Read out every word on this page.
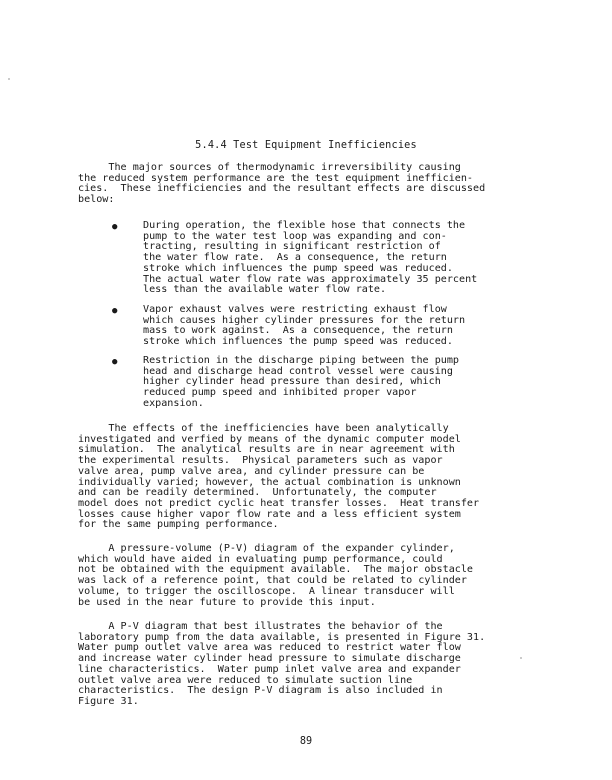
5.4.4 Test Equipment Inefficiencies
The major sources of thermodynamic irreversibility causing
the reduced system performance are the test equipment inefficien-
cies.  These inefficiencies and the resultant effects are discussed
below:
●	During operation, the flexible hose that connects the
pump to the water test loop was expanding and con-
tracting, resulting in significant restriction of
the water flow rate.  As a consequence, the return
stroke which influences the pump speed was reduced.
The actual water flow rate was approximately 35 percent
less than the available water flow rate.
●	Vapor exhaust valves were restricting exhaust flow
which causes higher cylinder pressures for the return
mass to work against.  As a consequence, the return
stroke which influences the pump speed was reduced.
●	Restriction in the discharge piping between the pump
head and discharge head control vessel were causing
higher cylinder head pressure than desired, which
reduced pump speed and inhibited proper vapor
expansion.
The effects of the inefficiencies have been analytically
investigated and verfied by means of the dynamic computer model
simulation.  The analytical results are in near agreement with
the experimental results.  Physical parameters such as vapor
valve area, pump valve area, and cylinder pressure can be
individually varied; however, the actual combination is unknown
and can be readily determined.  Unfortunately, the computer
model does not predict cyclic heat transfer losses.  Heat transfer
losses cause higher vapor flow rate and a less efficient system
for the same pumping performance.
A pressure-volume (P-V) diagram of the expander cylinder,
which would have aided in evaluating pump performance, could
not be obtained with the equipment available.  The major obstacle
was lack of a reference point, that could be related to cylinder
volume, to trigger the oscilloscope.  A linear transducer will
be used in the near future to provide this input.
A P-V diagram that best illustrates the behavior of the
laboratory pump from the data available, is presented in Figure 31.
Water pump outlet valve area was reduced to restrict water flow
and increase water cylinder head pressure to simulate discharge
line characteristics.  Water pump inlet valve area and expander
outlet valve area were reduced to simulate suction line
characteristics.  The design P-V diagram is also included in
Figure 31.
89
